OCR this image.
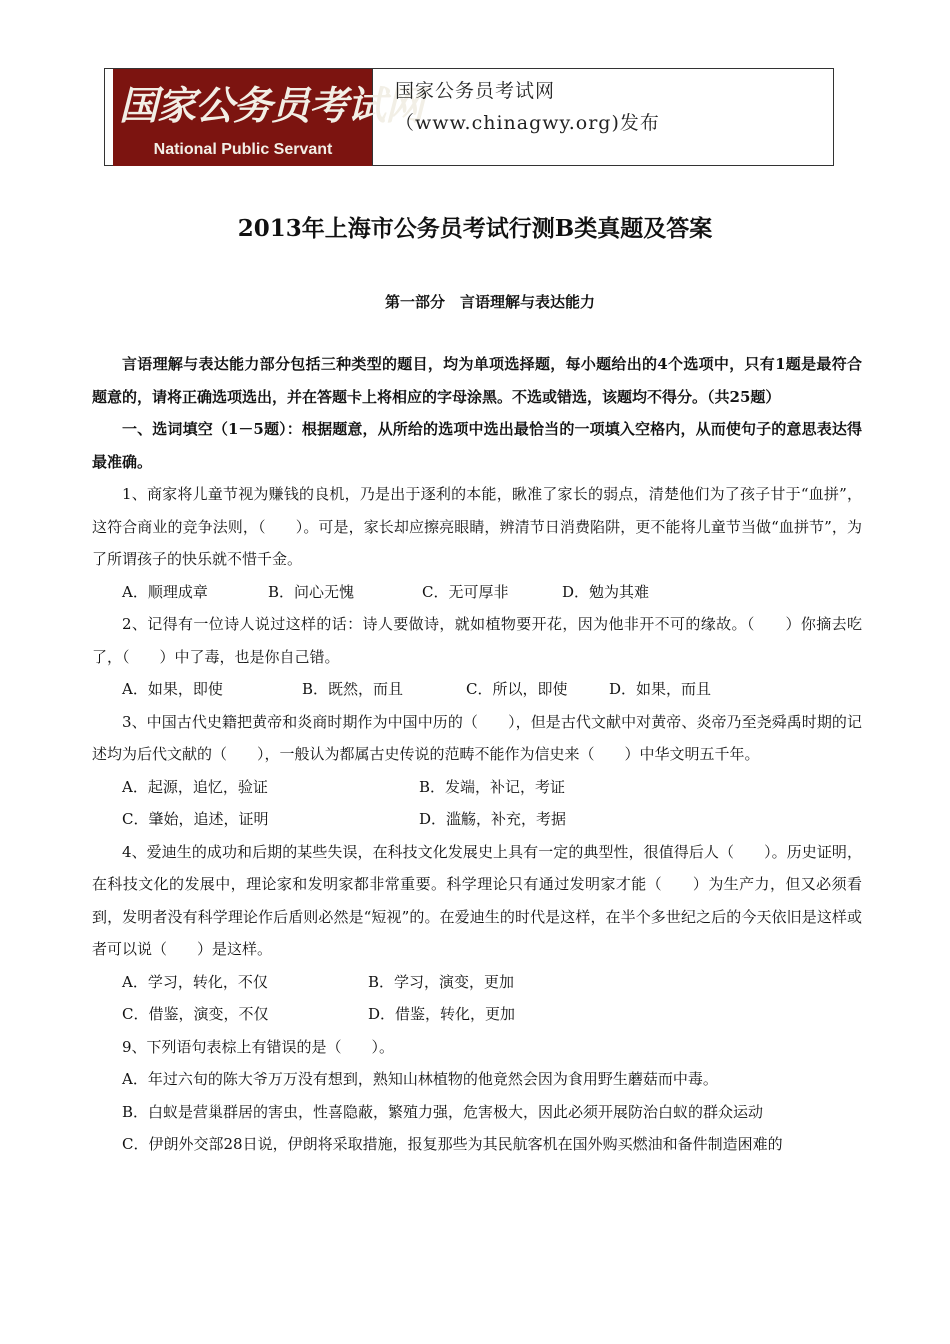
国家公务员考试网
National Public Servant
国家公务员考试网
（www.chinagwy.org)发布
2013年上海市公务员考试行测B类真题及答案
第一部分　言语理解与表达能力

言语理解与表达能力部分包括三种类型的题目，均为单项选择题，每小题给出的4个选项中，只有1题是最符合题意的，请将正确选项选出，并在答题卡上将相应的字母涂黑。不选或错选，该题均不得分。（共25题）

一、选词填空（1－5题）：根据题意，从所给的选项中选出最恰当的一项填入空格内，从而使句子的意思表达得最准确。

1、商家将儿童节视为赚钱的良机，乃是出于逐利的本能，瞅准了家长的弱点，清楚他们为了孩子甘于“血拼”，这符合商业的竞争法则，（　　）。可是，家长却应擦亮眼睛，辨清节日消费陷阱，更不能将儿童节当做“血拼节”，为了所谓孩子的快乐就不惜千金。

A．顺理成章	B．问心无愧	C．无可厚非	D．勉为其难

2、记得有一位诗人说过这样的话：诗人要做诗，就如植物要开花，因为他非开不可的缘故。（　　）你摘去吃了，（　　）中了毒，也是你自己错。

A．如果，即使	B．既然，而且	C．所以，即使	D．如果，而且

3、中国古代史籍把黄帝和炎商时期作为中国中历的（　　），但是古代文献中对黄帝、炎帝乃至尧舜禹时期的记述均为后代文献的（　　），一般认为都属古史传说的范畴不能作为信史来（　　）中华文明五千年。

A．起源，追忆，验证	B．发端，补记，考证

C．肇始，追述，证明	D．滥觞，补充，考据

4、爱迪生的成功和后期的某些失误，在科技文化发展史上具有一定的典型性，很值得后人（　　）。历史证明，在科技文化的发展中，理论家和发明家都非常重要。科学理论只有通过发明家才能（　　）为生产力，但又必须看到，发明者没有科学理论作后盾则必然是“短视”的。在爱迪生的时代是这样，在半个多世纪之后的今天依旧是这样或者可以说（　　）是这样。

A．学习，转化，不仅	B．学习，演变，更加

C．借鉴，演变，不仅	D．借鉴，转化，更加

9、下列语句表棕上有错误的是（　　）。

A．年过六旬的陈大爷万万没有想到，熟知山林植物的他竟然会因为食用野生蘑菇而中毒。

B．白蚁是营巢群居的害虫，性喜隐蔽，繁殖力强，危害极大，因此必须开展防治白蚁的群众运动

C．伊朗外交部28日说，伊朗将采取措施，报复那些为其民航客机在国外购买燃油和备件制造困难的
